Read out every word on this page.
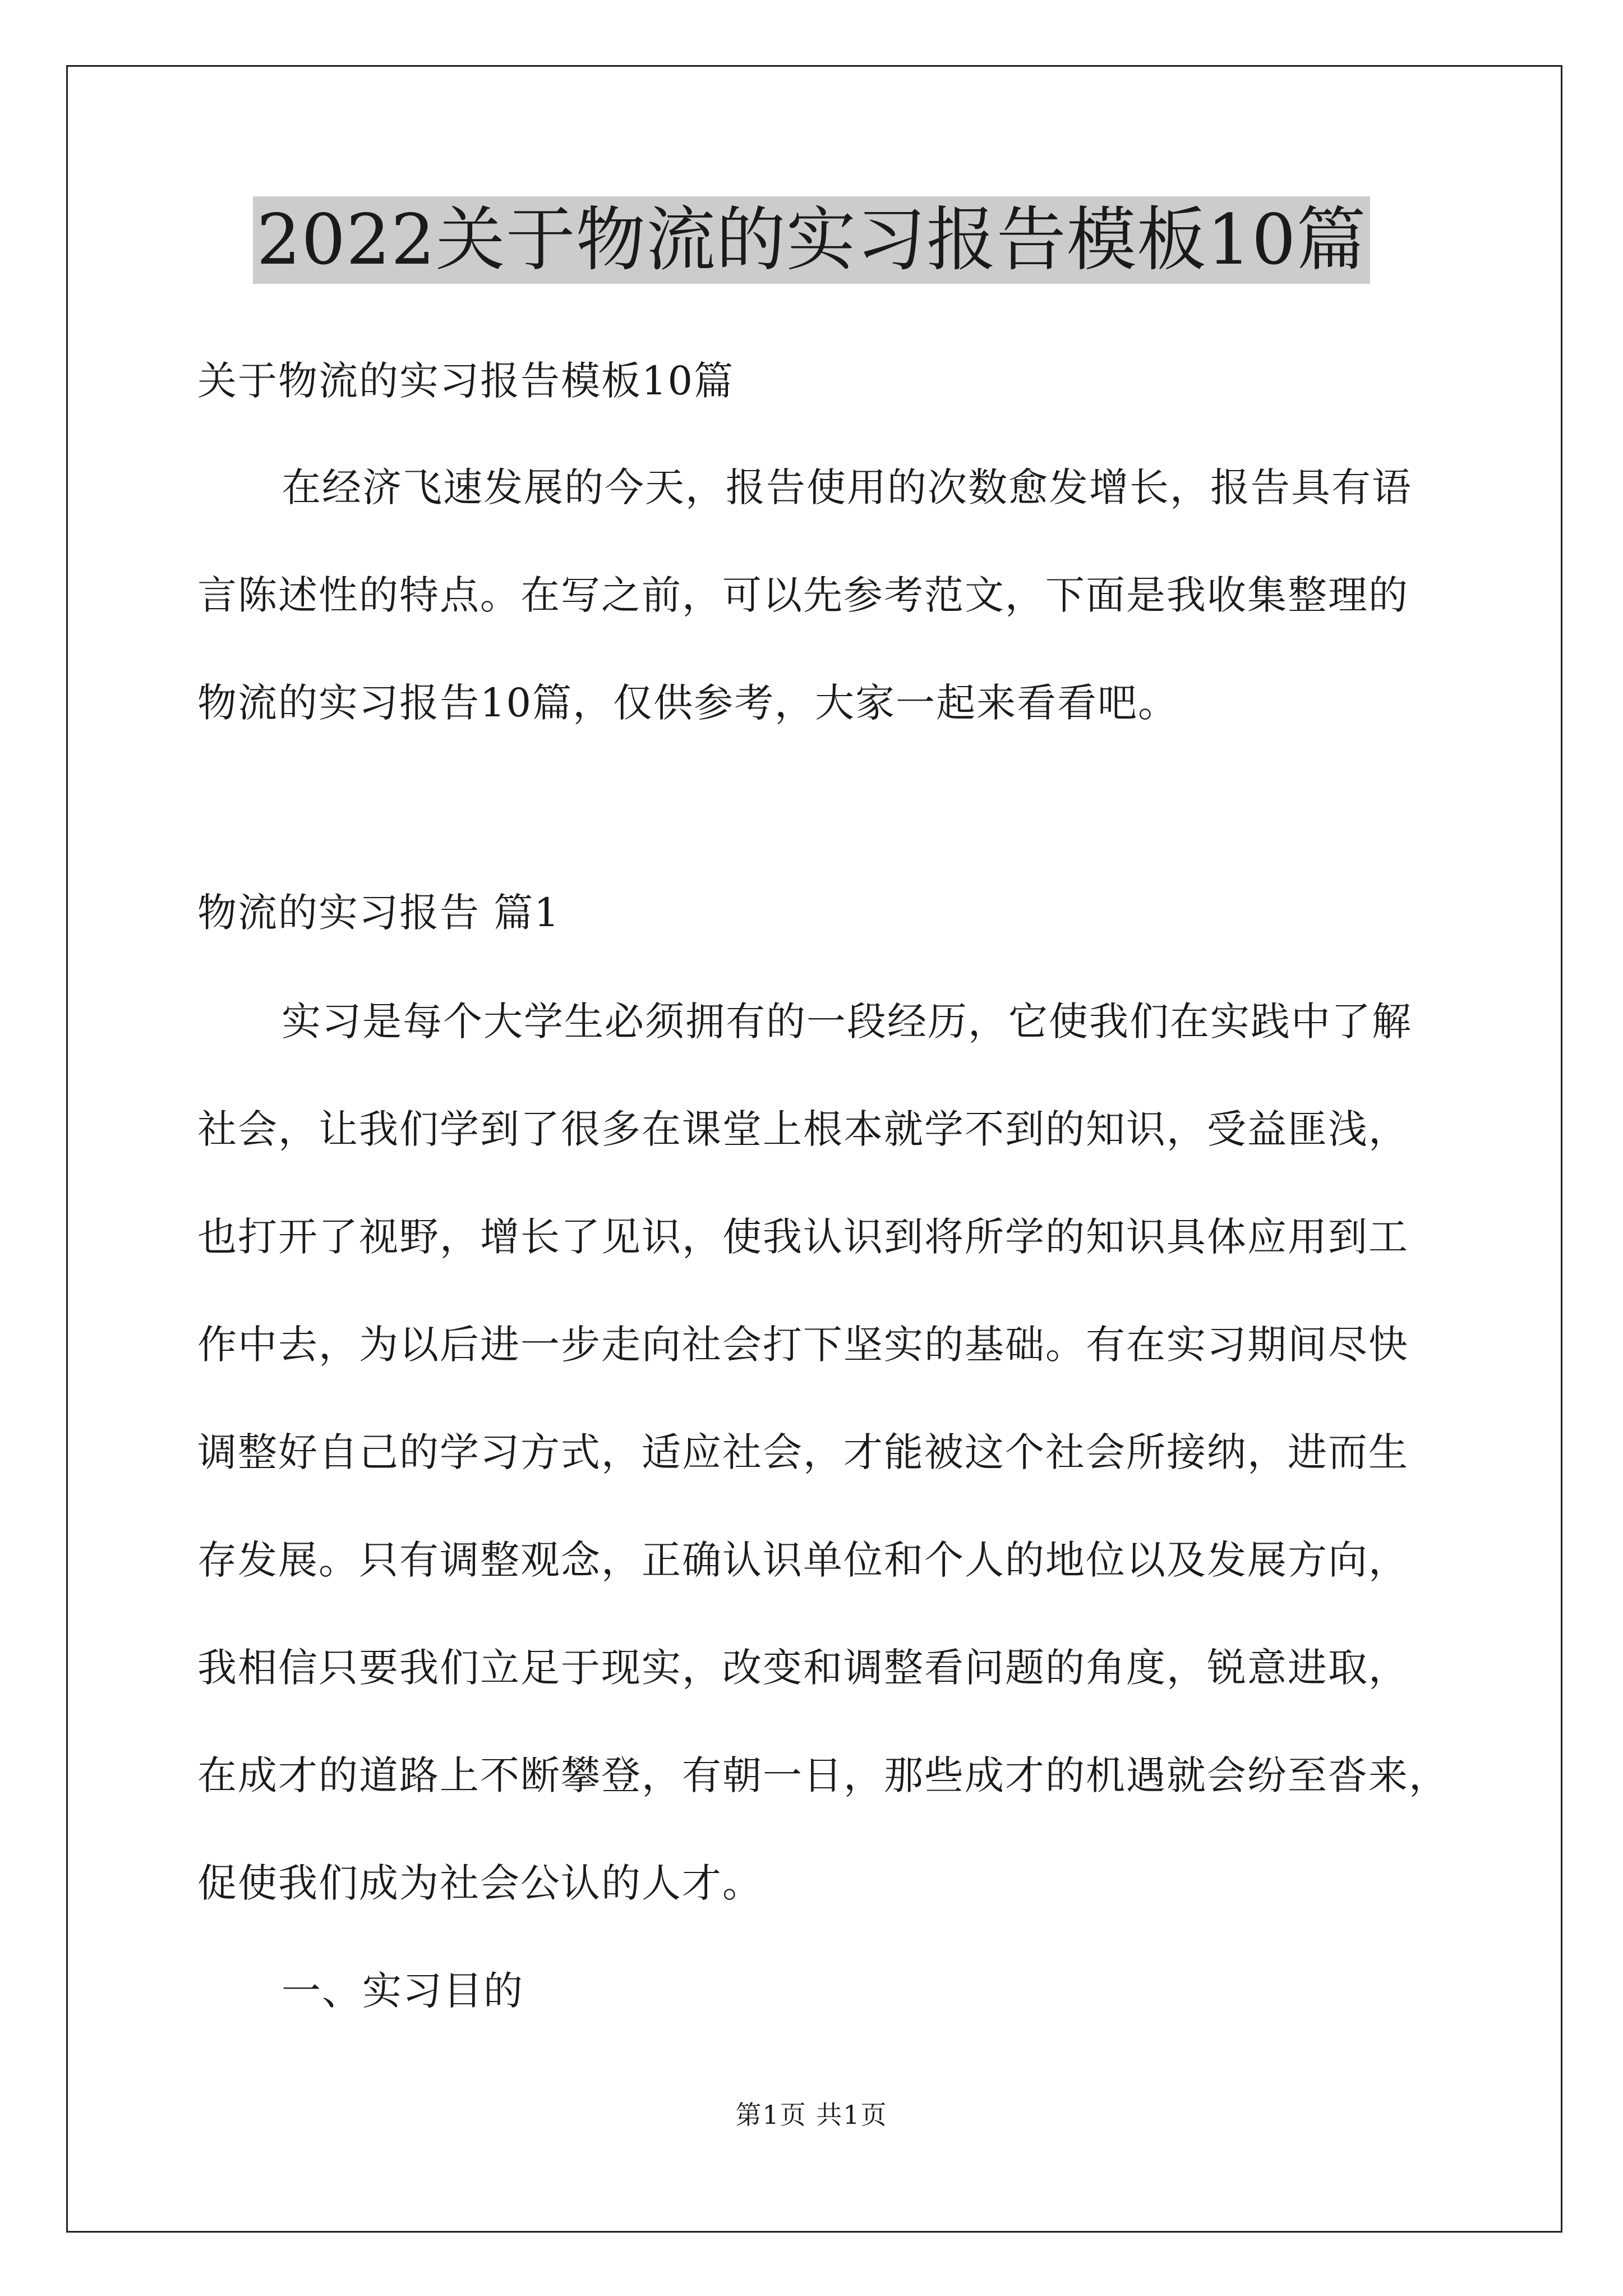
2022关于物流的实习报告模板10篇
关于物流的实习报告模板10篇
在经济飞速发展的今天，报告使用的次数愈发增长，报告具有语
言陈述性的特点。在写之前，可以先参考范文，下面是我收集整理的
物流的实习报告10篇，仅供参考，大家一起来看看吧。
物流的实习报告 篇1
实习是每个大学生必须拥有的一段经历，它使我们在实践中了解
社会，让我们学到了很多在课堂上根本就学不到的知识，受益匪浅，
也打开了视野，增长了见识，使我认识到将所学的知识具体应用到工
作中去，为以后进一步走向社会打下坚实的基础。有在实习期间尽快
调整好自己的学习方式，适应社会，才能被这个社会所接纳，进而生
存发展。只有调整观念，正确认识单位和个人的地位以及发展方向，
我相信只要我们立足于现实，改变和调整看问题的角度，锐意进取，
在成才的道路上不断攀登，有朝一日，那些成才的机遇就会纷至沓来，
促使我们成为社会公认的人才。
一、实习目的
第1页 共1页
